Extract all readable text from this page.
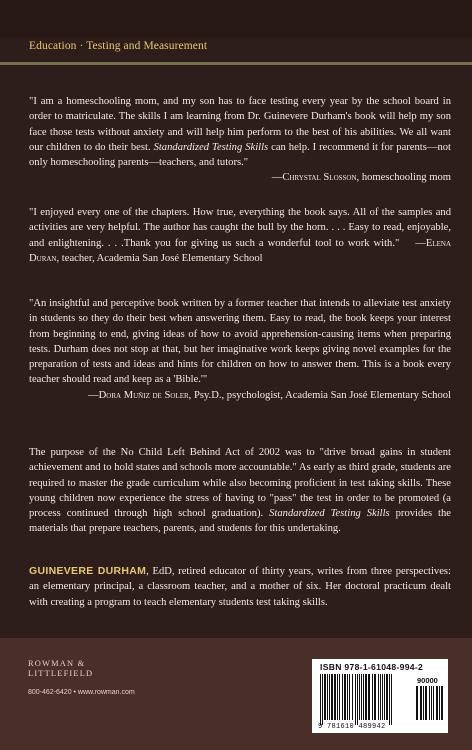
Education · Testing and Measurement

"I am a homeschooling mom, and my son has to face testing every year by the school board in order to matriculate. The skills I am learning from Dr. Guinevere Durham's book will help my son face those tests without anxiety and will help him perform to the best of his abilities. We all want our children to do their best. Standardized Testing Skills can help. I recommend it for parents—not only homeschooling parents—teachers, and tutors."
—Chrystal Slosson, homeschooling mom

"I enjoyed every one of the chapters. How true, everything the book says. All of the samples and activities are very helpful. The author has caught the bull by the horn. . . . Easy to read, enjoyable, and enlightening. . . .Thank you for giving us such a wonderful tool to work with." —Elena Duran, teacher, Academia San José Elementary School

"An insightful and perceptive book written by a former teacher that intends to alleviate test anxiety in students so they do their best when answering them. Easy to read, the book keeps your interest from beginning to end, giving ideas of how to avoid apprehension-causing items when preparing tests. Durham does not stop at that, but her imaginative work keeps giving novel examples for the preparation of tests and ideas and hints for children on how to answer them. This is a book every teacher should read and keep as a 'Bible.'"
—Dora Muñiz de Soler, Psy.D., psychologist, Academia San José Elementary School

The purpose of the No Child Left Behind Act of 2002 was to "drive broad gains in student achievement and to hold states and schools more accountable." As early as third grade, students are required to master the grade curriculum while also becoming proficient in test taking skills. These young children now experience the stress of having to "pass" the test in order to be promoted (a process continued through high school graduation). Standardized Testing Skills provides the materials that prepare teachers, parents, and students for this undertaking.

GUINEVERE DURHAM, EdD, retired educator of thirty years, writes from three perspectives: an elementary principal, a classroom teacher, and a mother of six. Her doctoral practicum dealt with creating a program to teach elementary students test taking skills.

ROWMAN &
LITTLEFIELD
800-462-6420 • www.rowman.com
ISBN 978-1-61048-994-2
90000
9 781610 489942
